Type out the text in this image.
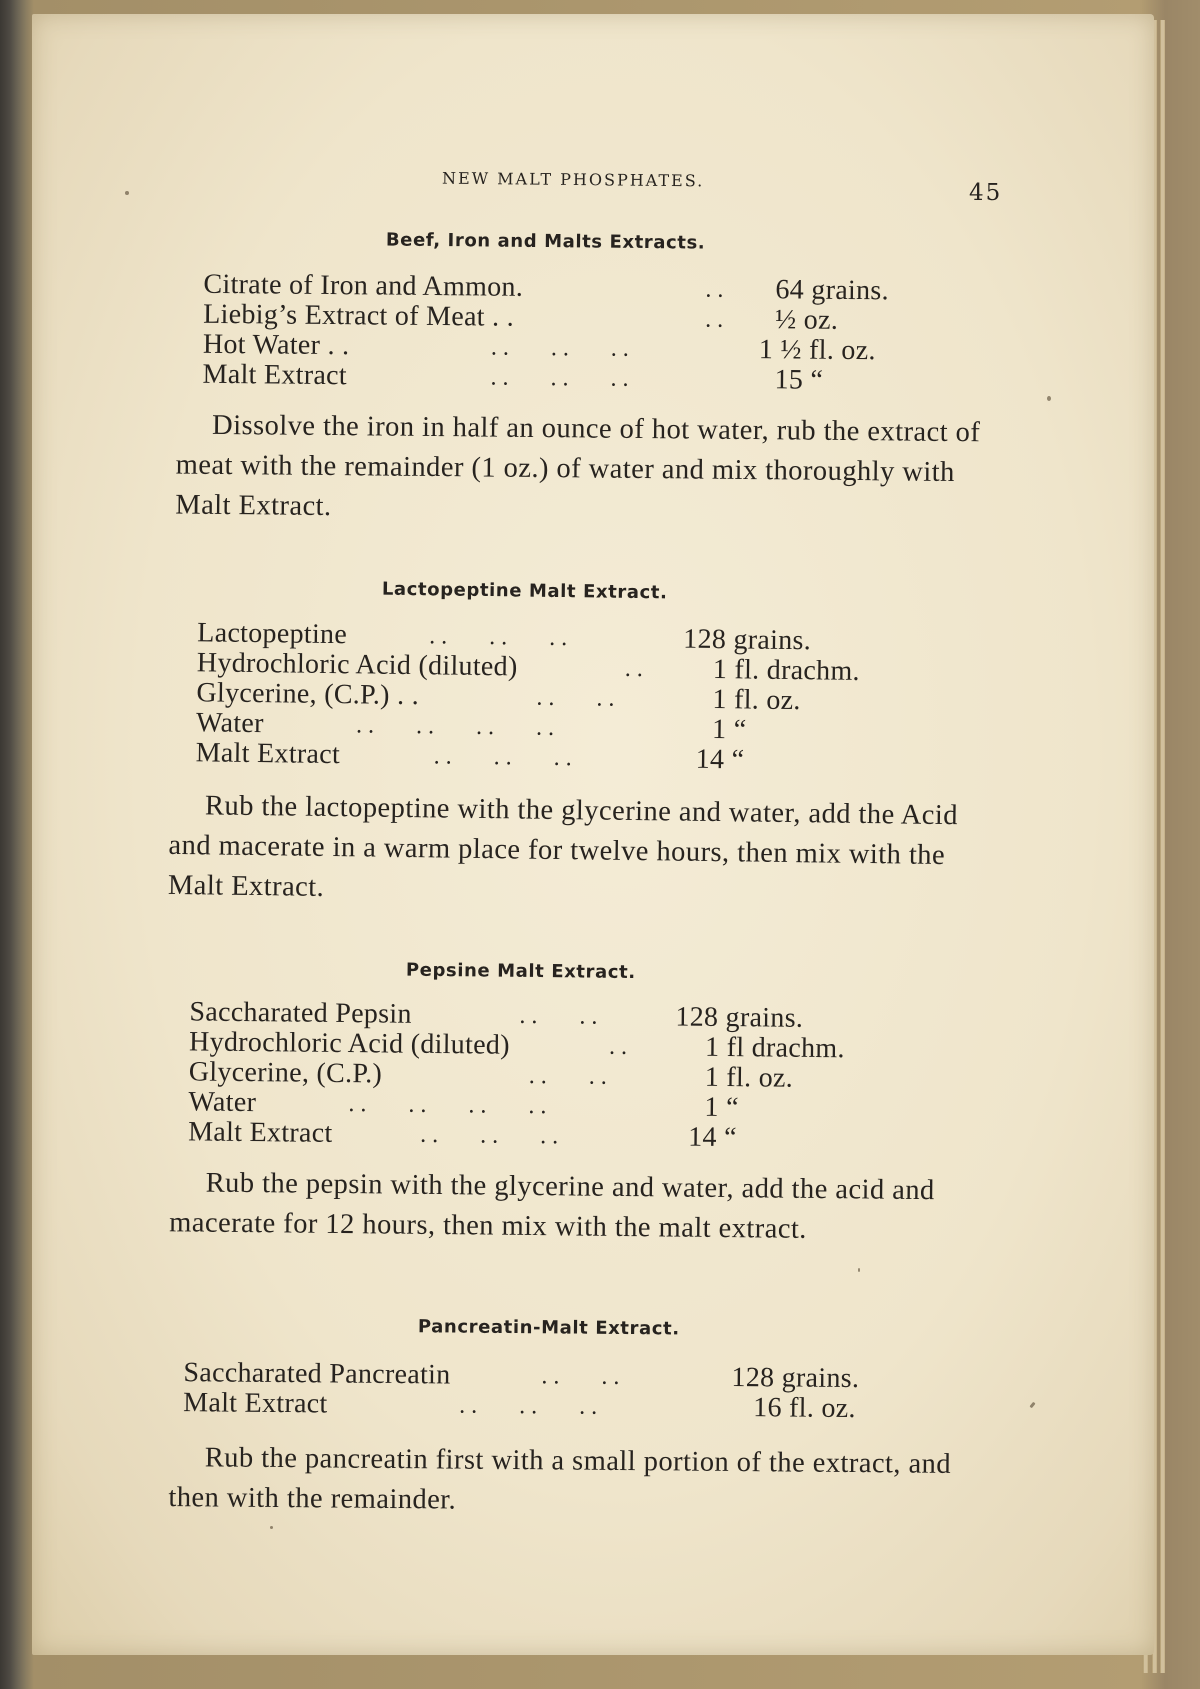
NEW MALT PHOSPHATES.
45
Beef, Iron and Malts Extracts.
Citrate of Iron and Ammon.	. . 64 grains.
Liebig’s Extract of Meat . .	. . ½ oz.
Hot Water . .	. .       . .       . .	1 ½ fl. oz.
Malt Extract	. .       . .       . .	15 “

Dissolve the iron in half an ounce of hot water, rub the extract of meat with the remainder (1 oz.) of water and mix thoroughly with Malt Extract.

Lactopeptine Malt Extract.
Lactopeptine	. .       . .       . .	128 grains.
Hydrochloric Acid (diluted)	. . 1 fl. drachm.
Glycerine, (C.P.) . .	. .       . .	1 fl. oz.
Water	. .       . .       . .       . .	1 “
Malt Extract	. .       . .       . .	14 “

Rub the lactopeptine with the glycerine and water, add the Acid and macerate in a warm place for twelve hours, then mix with the Malt Extract.

Pepsine Malt Extract.
Saccharated Pepsin	. .       . .	128 grains.
Hydrochloric Acid (diluted)	. .	1 fl drachm.
Glycerine, (C.P.)	. .       . .	1 fl. oz.
Water	. .       . .       . .       . .	1 “
Malt Extract	. .       . .       . .	14 “

Rub the pepsin with the glycerine and water, add the acid and macerate for 12 hours, then mix with the malt extract.

Pancreatin-Malt Extract.
Saccharated Pancreatin	. .       . .	128 grains.
Malt Extract	. .       . .       . .	16 fl. oz.

Rub the pancreatin first with a small portion of the extract, and then with the remainder.
